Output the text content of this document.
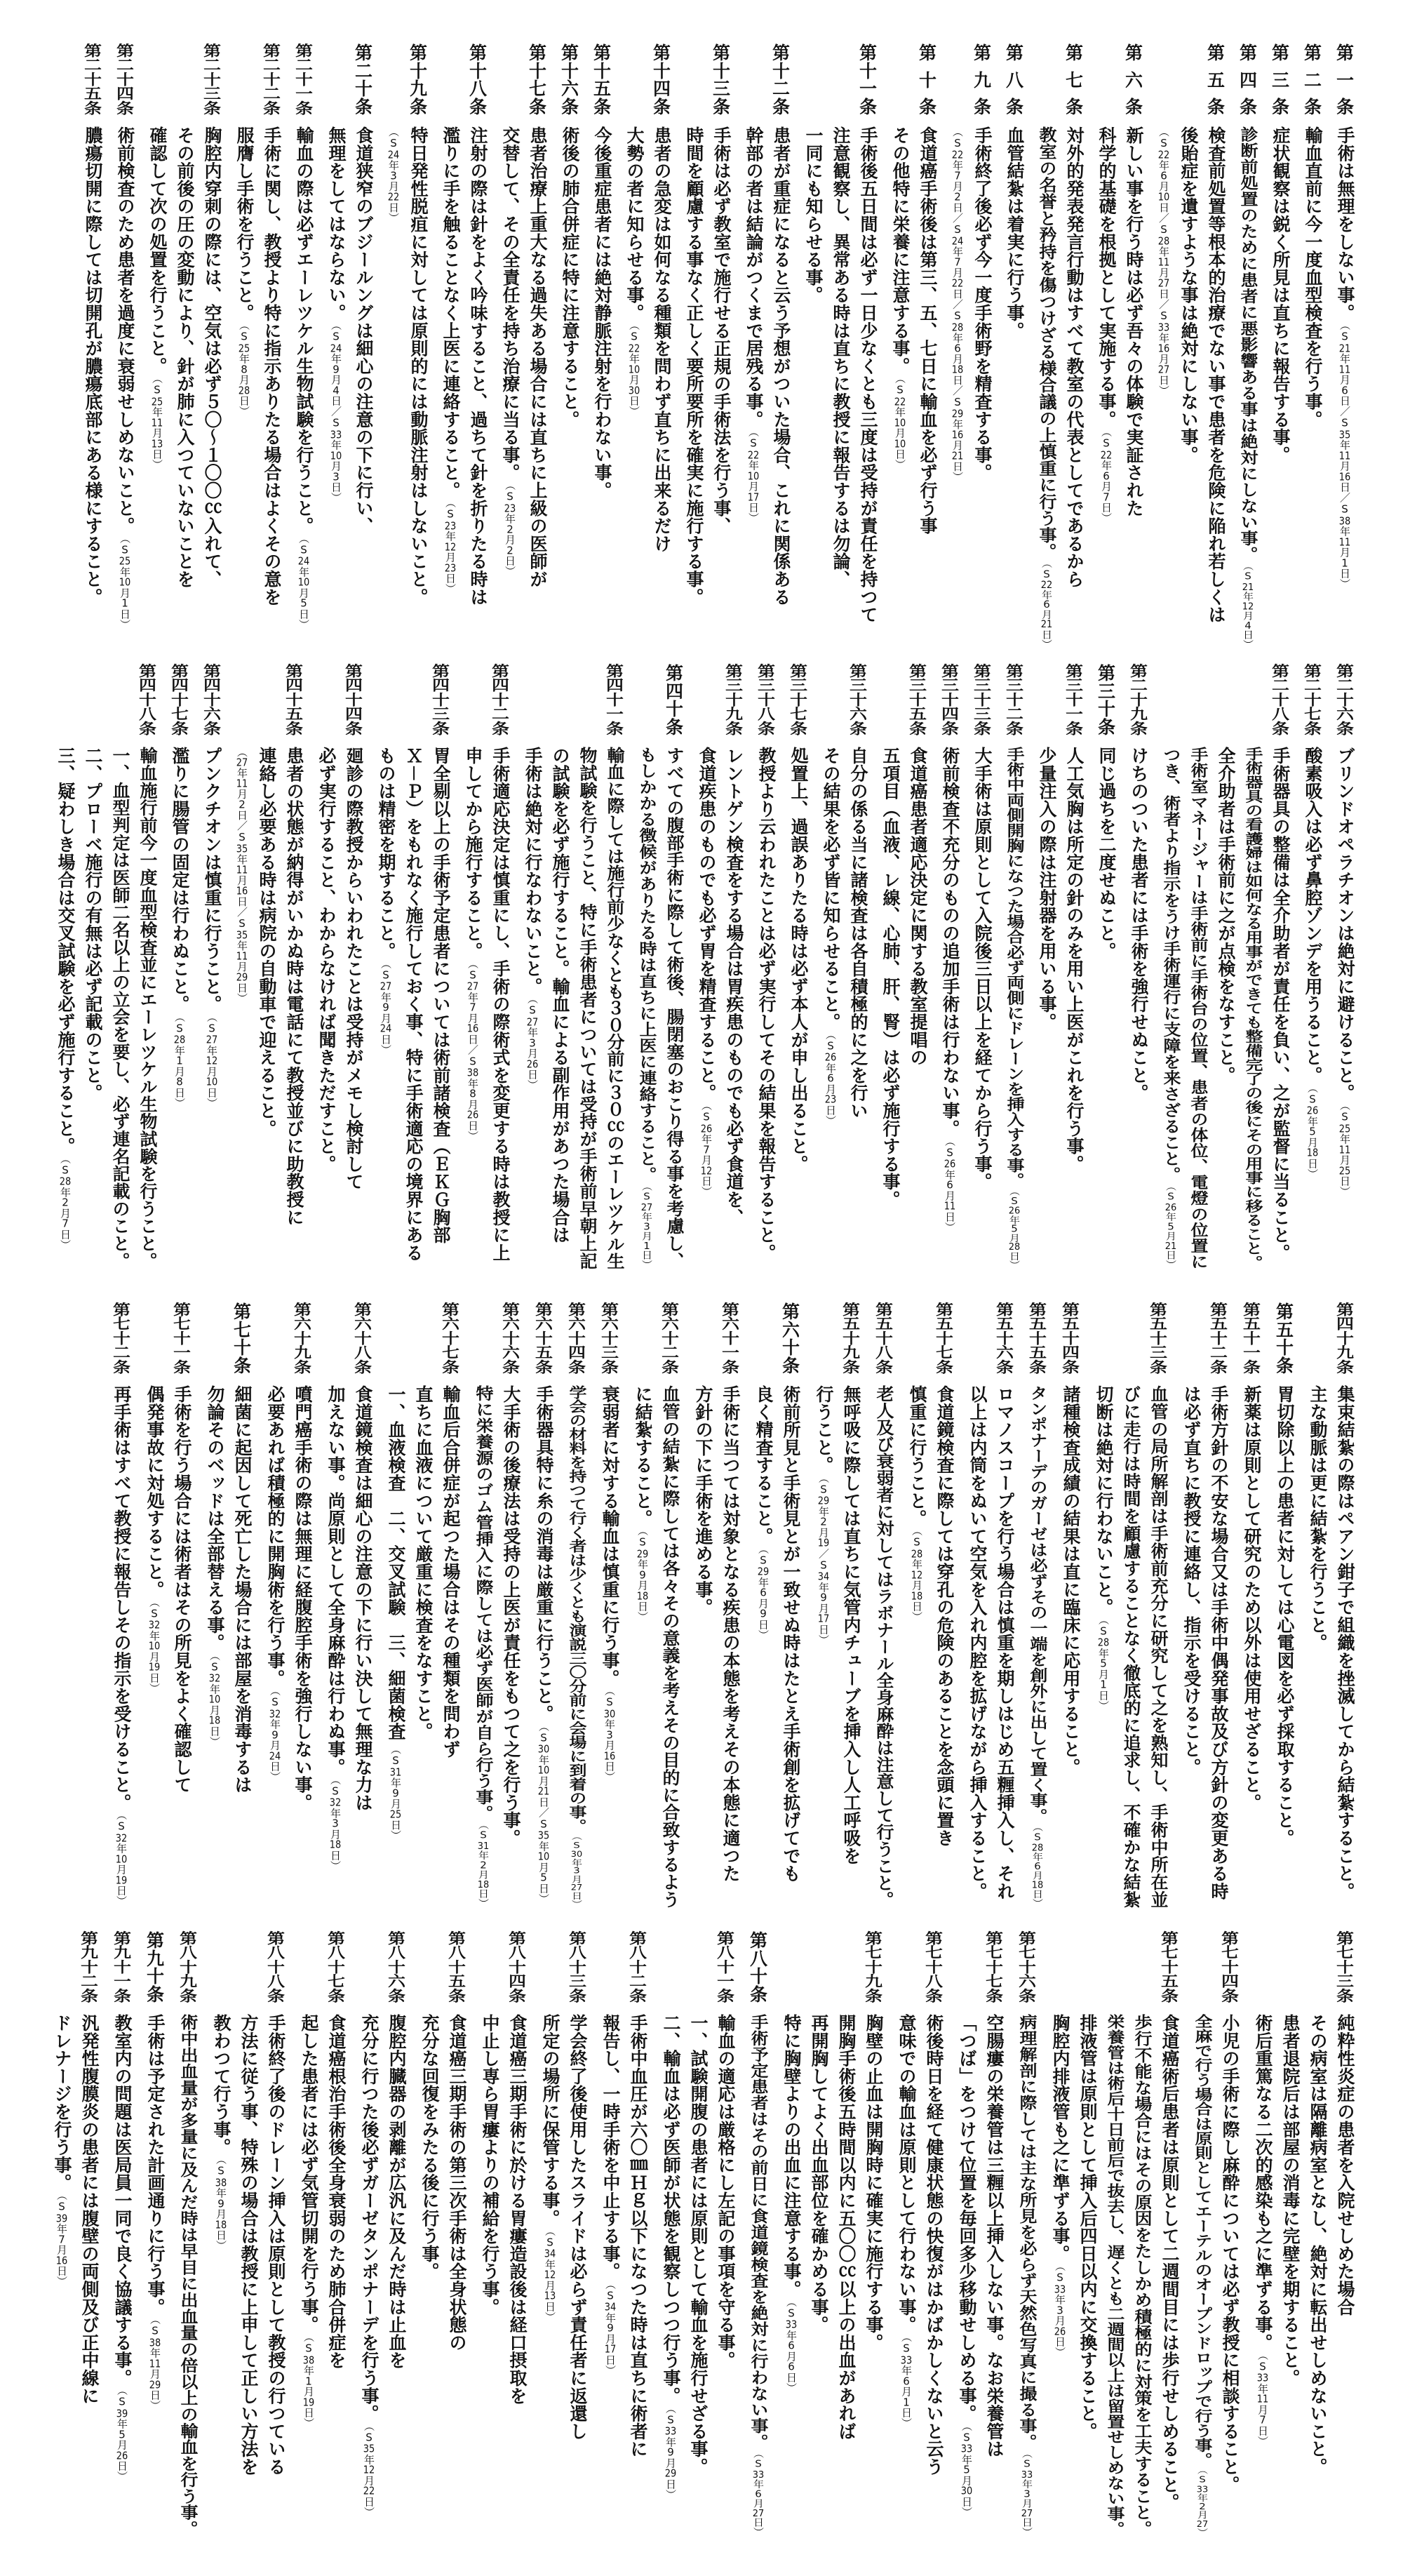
第
一
条
手術は無理をしない事。（S21年11月6日／S35年11月16日／S38年11月1日）
第
二
条
輸血直前に今一度血型検査を行う事。
第
三
条
症状観察は鋭く所見は直ちに報告する事。
第
四
条
診断前処置のために患者に悪影響ある事は絶対にしない事。（S21年12月4日）
第
五
条
検査前処置等根本的治療でない事で患者を危険に陥れ若しくは
後貽症を遺すような事は絶対にしない事。
（S22年6月10日／S28年11月27日／S33年16月27日）
第
六
条
新しい事を行う時は必ず吾々の体験で実証された
科学的基礎を根拠として実施する事。（S22年6月7日）
第
七
条
対外的発表発言行動はすべて教室の代表としてであるから
教室の名誉と矜持を傷つけざる様合議の上慎重に行う事。（S22年6月21日）
第
八
条
血管結紮は着実に行う事。
第
九
条
手術終了後必ず今一度手術野を精査する事。
（S22年7月2日／S24年7月22日／S28年6月18日／S29年16月21日）
第
十
条
食道癌手術後は第三、五、七日に輸血を必ず行う事
その他特に栄養に注意する事。（S22年10月10日）
第
十
一
条
手術後五日間は必ず一日少なくとも三度は受持が責任を持つて
注意観察し、異常ある時は直ちに教授に報告するは勿論、
一同にも知らせる事。
第
十
二
条
患者が重症になると云う予想がついた場合、これに関係ある
幹部の者は結論がつくまで居残る事。（S22年10月17日）
第
十
三
条
手術は必ず教室で施行せる正規の手術法を行う事、
時間を顧慮する事なく正しく要所要所を確実に施行する事。
第
十
四
条
患者の急変は如何なる種類を問わず直ちに出来るだけ
大勢の者に知らせる事。（S22年10月30日）
第
十
五
条
今後重症患者には絶対静脈注射を行わない事。
第
十
六
条
術後の肺合併症に特に注意すること。
第
十
七
条
患者治療上重大なる過失ある場合には直ちに上級の医師が
交替して、その全責任を持ち治療に当る事。（S23年2月2日）
第
十
八
条
注射の際は針をよく吟味すること、過ちて針を折りたる時は
濫りに手を触ることなく上医に連絡すること。（S23年12月23日）
第
十
九
条
特日発性脱疽に対しては原則的には動脈注射はしないこと。
（S24年3月22日）
第
二
十
条
食道狭窄のブジールングは細心の注意の下に行い、
無理をしてはならない。（S24年9月4日／S33年10月3日）
第
二
十
一
条
輸血の際は必ずエーレツケル生物試験を行うこと。（S24年10月5日）
第
二
十
二
条
手術に関し、教授より特に指示ありたる場合はよくその意を
服膺し手術を行うこと。（S25年8月28日）
第
二
十
三
条
胸腔内穿刺の際には、空気は必ず５〇〜１〇〇㏄入れて、
その前後の圧の変動により、針が肺に入つていないことを
確認して次の処置を行うこと。（S25年11月13日）
第
二
十
四
条
術前検査のため患者を過度に衰弱せしめないこと。（S25年10月1日）
第
二
十
五
条
膿瘍切開に際しては切開孔が膿瘍底部にある様にすること。
第
二
十
六
条
ブリンドオペラチオンは絶対に避けること。（S25年11月25日）
第
二
十
七
条
酸素吸入は必ず鼻腔ゾンデを用うること。（S26年5月18日）
第
二
十
八
条
手術器具の整備は全介助者が責任を負い、之が監督に当ること。
手術器具の看護婦は如何なる用事ができても整備完了の後にその用事に移ること。
全介助者は手術前に之が点検をなすこと。
手術室マネージャーは手術前に手術台の位置、患者の体位、電燈の位置に
つき、術者より指示をうけ手術運行に支障を来さざること。（S26年5月21日）
第
二
十
九
条
けちのついた患者には手術を強行せぬこと。
第
三
十
条
同じ過ちを二度せぬこと。
第
三
十
一
条
人工気胸は所定の針のみを用い上医がこれを行う事。
少量注入の際は注射器を用いる事。
第
三
十
二
条
手術中両側開胸になつた場合必ず両側にドレーンを挿入する事。（S26年5月28日）
第
三
十
三
条
大手術は原則として入院後三日以上を経てから行う事。
第
三
十
四
条
術前検査不充分のものの追加手術は行わない事。（S26年6月11日）
第
三
十
五
条
食道癌患者適応決定に関する教室提唱の
五項目（血液、レ線、心肺、肝、腎）は必ず施行する事。
第
三
十
六
条
自分の係る当に諸検査は各自積極的に之を行い
その結果を必ず皆に知らせること。（S26年6月23日）
第
三
十
七
条
処置上、過誤ありたる時は必ず本人が申し出ること。
第
三
十
八
条
教授より云われたことは必ず実行してその結果を報告すること。
第
三
十
九
条
レントゲン検査をする場合は胃疾患のものでも必ず食道を、
食道疾患のものでも必ず胃を精査すること。（S26年7月12日）
第
四
十
条
すべての腹部手術に際して術後、腸閉塞のおこり得る事を考慮し、
もしかかる徴候がありたる時は直ちに上医に連絡すること。（S27年3月1日）
第
四
十
一
条
輸血に際しては施行前少なくとも３０分前に３０㏄のエーレツケル生
物試験を行うこと、特に手術患者については受持が手術前早朝上記
の試験を必ず施行すること。輸血による副作用があつた場合は
手術は絶対に行なわないこと。（S27年3月26日）
第
四
十
二
条
手術適応決定は慎重にし、手術の際術式を変更する時は教授に上
申してから施行すること。（S27年7月16日／S38年8月26日）
第
四
十
三
条
胃全剔以上の手術予定患者については術前諸検査（ＥＫＧ胸部
Ｘ－Ｐ）をもれなく施行しておく事、特に手術適応の境界にある
ものは精密を期すること。（S27年9月24日）
第
四
十
四
条
廻診の際教授からいわれたことは受持がメモし検討して
必ず実行すること、わからなければ聞きただすこと。
第
四
十
五
条
患者の状態が納得がいかぬ時は電話にて教授並びに助教授に
連絡し必要ある時は病院の自動車で迎えること。
（27年11月2日／S35年11月16日／S35年11月29日）
第
四
十
六
条
プンクチオンは慎重に行うこと。（S27年12月10日）
第
四
十
七
条
濫りに腸管の固定は行わぬこと。（S28年1月8日）
第
四
十
八
条
輸血施行前今一度血型検査並にエーレツケル生物試験を行うこと。
一、血型判定は医師二名以上の立会を要し、必ず連名記載のこと。
二、プローベ施行の有無は必ず記載のこと。
三、疑わしき場合は交叉試験を必ず施行すること。（S28年2月7日）
第
四
十
九
条
集束結紮の際はペアン鉗子で組織を挫滅してから結紮すること。
主な動脈は更に結紮を行うこと。
第
五
十
条
胃切除以上の患者に対しては心電図を必ず採取すること。
第
五
十
一
条
新薬は原則として研究のため以外は使用せざること。
第
五
十
二
条
手術方針の不安な場合又は手術中偶発事故及び方針の変更ある時
は必ず直ちに教授に連絡し、指示を受けること。
第
五
十
三
条
血管の局所解剖は手術前充分に研究して之を熟知し、手術中所在並
びに走行は時間を顧慮することなく徹底的に追求し、不確かな結紮
切断は絶対に行わないこと。（S28年5月1日）
第
五
十
四
条
諸種検査成績の結果は直に臨床に応用すること。
第
五
十
五
条
タンポナーデのガーゼは必ずその一端を創外に出して置く事。（S28年6月18日）
第
五
十
六
条
ロマノスコープを行う場合は慎重を期しはじめ五糎挿入し、それ
以上は内筒をぬいて空気を入れ内腔を拡げながら挿入すること。
第
五
十
七
条
食道鏡検査に際しては穿孔の危険のあることを念頭に置き
慎重に行うこと。（S28年12月18日）
第
五
十
八
条
老人及び衰弱者に対してはラボナール全身麻酔は注意して行うこと。
第
五
十
九
条
無呼吸に際しては直ちに気管内チューブを挿入し人工呼吸を
行うこと。（S29年2月19／S34年9月17日）
第
六
十
条
術前所見と手術見とが一致せぬ時はたとえ手術創を拡げてでも
良く精査すること。（S29年6月9日）
第
六
十
一
条
手術に当つては対象となる疾患の本態を考えその本態に適つた
方針の下に手術を進める事。
第
六
十
二
条
血管の結紮に際しては各々その意義を考えその目的に合致するよう
に結紮すること。（S29年9月18日）
第
六
十
三
条
衰弱者に対する輸血は慎重に行う事。（S30年3月16日）
第
六
十
四
条
学会の材料を持つて行く者は少くとも演説三〇分前に会場に到着の事。（S30年3月27日）
第
六
十
五
条
手術器具特に糸の消毒は厳重に行うこと。（S30年10月21日／S35年10月5日）
第
六
十
六
条
大手術の後療法は受持の上医が責任をもつて之を行う事。
特に栄養源のゴム管挿入に際しては必ず医師が自ら行う事。（S31年2月18日）
第
六
十
七
条
輸血后合併症が起つた場合はその種類を問わず
直ちに血液について厳重に検査をなすこと。
一、血液検査　二、交叉試験　三、細菌検査（S31年9月25日）
第
六
十
八
条
食道鏡検査は細心の注意の下に行い決して無理な力は
加えない事。尚原則として全身麻酔は行わぬ事。（S32年3月18日）
第
六
十
九
条
噴門癌手術の際は無理に経腹腔手術を強行しない事。
必要あれば積極的に開胸術を行う事。（S32年9月24日）
第
七
十
条
細菌に起因して死亡した場合には部屋を消毒するは
勿論そのベッドは全部替える事。（S32年10月18日）
第
七
十
一
条
手術を行う場合には術者はその所見をよく確認して
偶発事故に対処すること。（S32年10月19日）
第
七
十
二
条
再手術はすべて教授に報告しその指示を受けること。（S32年10月19日）
第
七
十
三
条
純粋性炎症の患者を入院せしめた場合
その病室は隔離病室となし、絶対に転出せしめないこと。
患者退院后は部屋の消毒に完壁を期すること。
術后重篤なる二次的感染も之に準ずる事。（S33年11月7日）
第
七
十
四
条
小児の手術に際し麻酔については必ず教授に相談すること。
全麻で行う場合は原則としてエーテルのオープンドロップで行う事。（S33年2月27）
第
七
十
五
条
食道癌術后患者は原則として二週間目には歩行せしめること。
歩行不能な場合にはその原因をたしかめ積極的に対策を工夫すること。
栄養管は術后十日前后で抜去し、遅くとも二週間以上は留置せしめない事。
排液管は原則として挿入后四日以内に交換すること。
胸腔内排液管も之に準ずる事。（S33年3月26日）
第
七
十
六
条
病理解剖に際しては主な所見を必らず天然色写真に撮る事。（S33年3月27日）
第
七
十
七
条
空腸瘻の栄養管は三糎以上挿入しない事。なお栄養管は
「つば」をつけて位置を毎回多少移動せしめる事。（S33年5月30日）
第
七
十
八
条
術後時日を経て健康状態の快復がはかばかしくないと云う
意味での輸血は原則として行わない事。（S33年6月1日）
第
七
十
九
条
胸壁の止血は開胸時に確実に施行する事。
開胸手術後五時間以内に五〇〇㏄以上の出血があれば
再開胸してよく出血部位を確かめる事。
特に胸壁よりの出血に注意する事。（S33年6月6日）
第
八
十
条
手術予定患者はその前日に食道鏡検査を絶対に行わない事。（S33年6月27日）
第
八
十
一
条
輸血の適応は厳格にし左記の事項を守る事。
一、試験開腹の患者には原則として輸血を施行せざる事。
二、輸血は必ず医師が状態を観察しつつ行う事。（S33年9月29日）
第
八
十
二
条
手術中血圧が六〇㎜Ｈｇ以下になつた時は直ちに術者に
報告し、一時手術を中止する事。（S34年9月17日）
第
八
十
三
条
学会終了後使用したスライドは必らず責任者に返還し
所定の場所に保管する事。（S34年12月13日）
第
八
十
四
条
食道癌三期手術に於ける胃瘻造設後は経口摂取を
中止し専ら胃瘻よりの補給を行う事。
第
八
十
五
条
食道癌三期手術の第三次手術は全身状態の
充分な回復をみたる後に行う事。
第
八
十
六
条
腹腔内臓器の剥離が広汎に及んだ時は止血を
充分に行つた後必ずガーゼタンポナーデを行う事。（S35年12月22日）
第
八
十
七
条
食道癌根治手術後全身衰弱のため肺合併症を
起した患者には必ず気管切開を行う事。（S38年1月19日）
第
八
十
八
条
手術終了後のドレーン挿入は原則として教授の行つている
方法に従う事、特殊の場合は教授に上申して正しい方法を
教わつて行う事。（S38年9月18日）
第
八
十
九
条
術中出血量が多量に及んだ時は早目に出血量の倍以上の輸血を行う事。
第
九
十
条
手術は予定された計画通りに行う事。（S38年11月29日）
第
九
十
一
条
教室内の問題は医局員一同で良く協議する事。（S39年5月26日）
第
九
十
二
条
汎発性腹膜炎の患者には腹壁の両側及び正中線に
ドレナージを行う事。（S39年7月16日）
